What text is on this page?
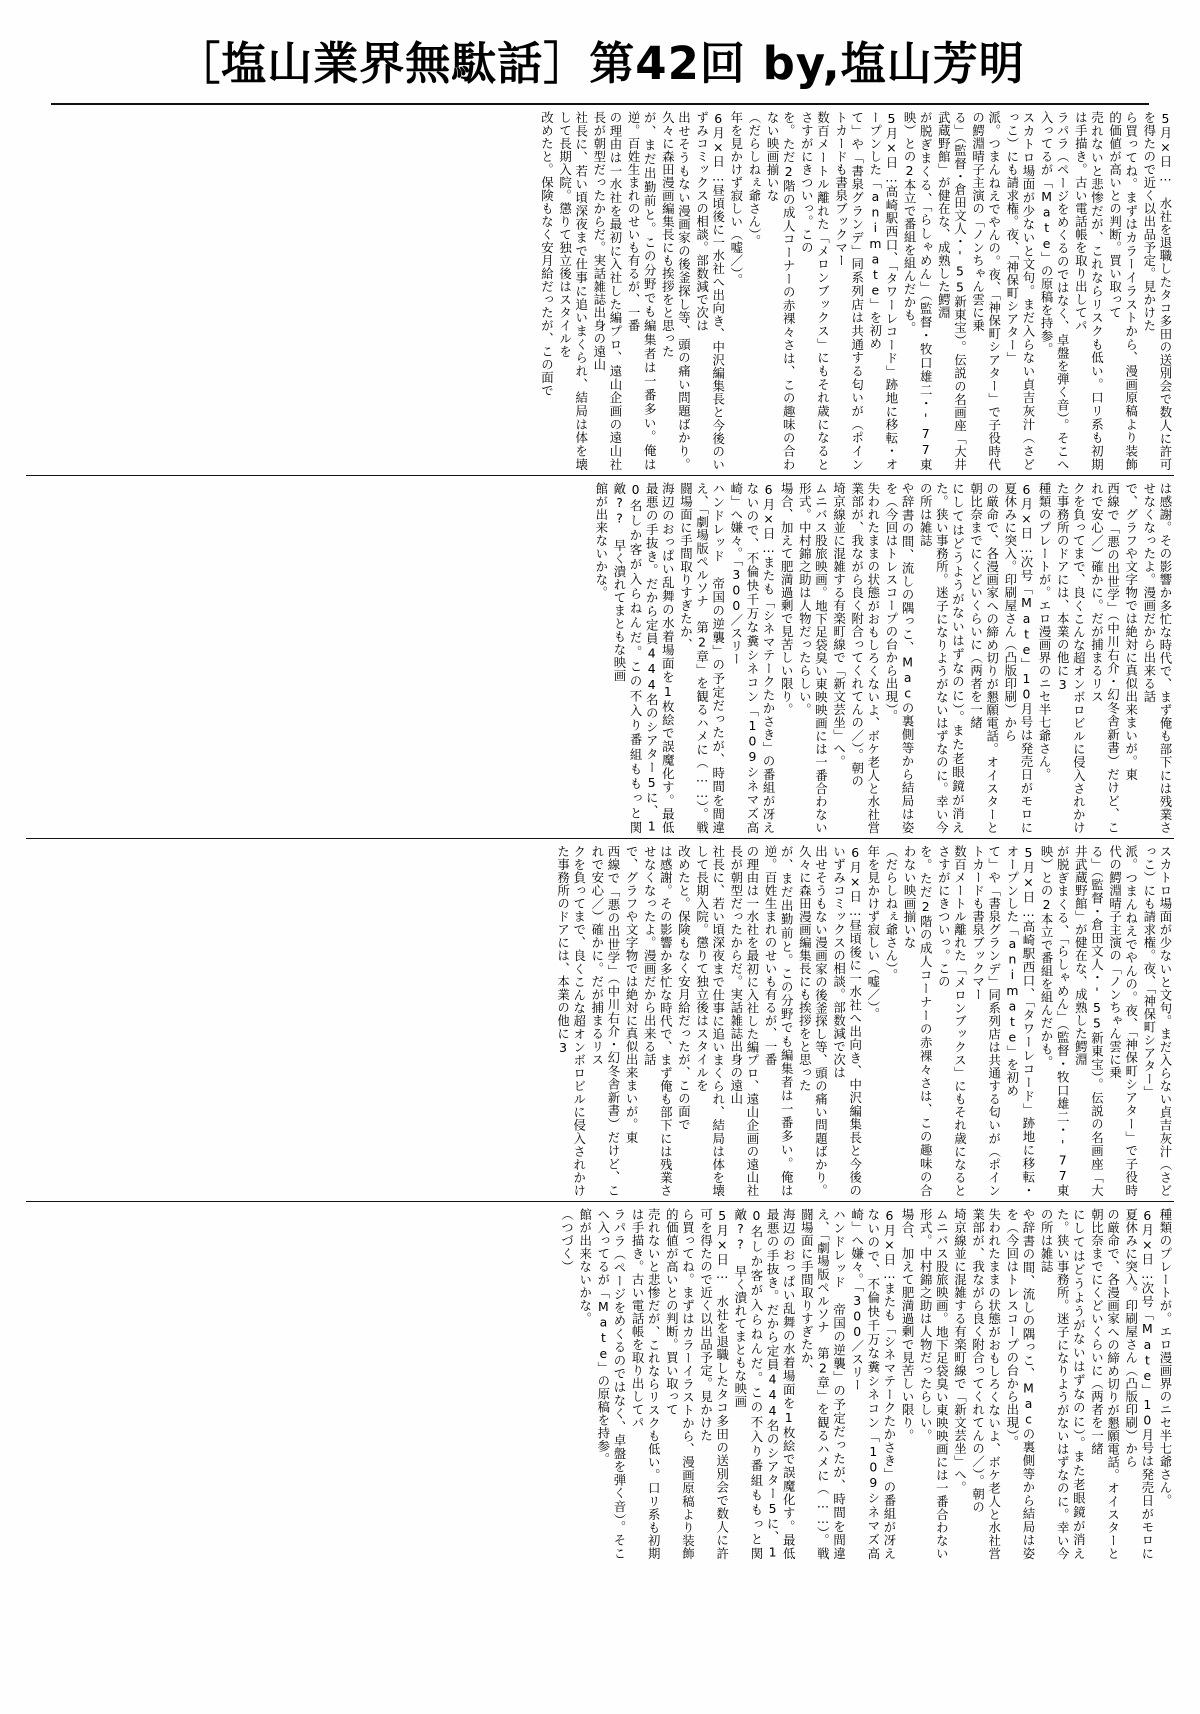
［塩山業界無駄話］第42回 by,塩山芳明
5月×日…　水社を退職したタコ多田の送別会で数人に許可を得たので近く以出品予定。見かけた
ら買ってね。まずはカラーイラストから、漫画原稿より装飾的価値が高いとの判断。買い取って
売れないと悲惨だが、これならリスクも低い。口リ系も初期は手描き。古い電話帳を取り出してパ
ラパラ（ページをめくるのではなく、卓盤を弾く音）。そこへ入ってるが「Mate」の原稿を持参。
スカトロ場面が少ないと文句。まだ入らない貞吉灰汁（さどっこ）にも請求権。夜、「神保町シアター」
派。つまんねえでやんの。夜、「神保町シアター」で子役時代の鰐淵晴子主演の「ノンちゃん雲に乗
る」（監督・倉田文人・'55新東宝）。伝説の名画座「大井武蔵野館」が健在な、成熟した鰐淵
が脱ぎまくる、「らしゃめん」（監督・牧口雄二・'77東映）との2本立で番組を組んだかも。
5月×日…高崎駅西口、「タワーレコード」跡地に移転・オープンした「animate」を初め
て」や「書泉グランデ」同系列店は共通する匂いが（ポイントカードも書泉ブックマー
数百メートル離れた「メロンブックス」にもそれ歳になるとさすがにきついっ。この
を。ただ2階の成人コーナーの赤裸々さは、この趣味の合わない映画揃いな
（だらしねぇ爺さん）。
年を見かけず寂しい（嘘／）。
6月×日…昼頃後に一水社へ出向き、中沢編集長と今後のいずみコミックスの相談。部数減で次は
出せそうもない漫画家の後釜探し等、頭の痛い問題ばかり。久々に森田漫画編集長にも挨拶をと思った
が、まだ出勤前と。この分野でも編集者は一番多い。俺は逆。百姓生まれのせいも有るが、一番
の理由は一水社を最初に入社した編プロ、遠山企画の遠山社長が朝型だったからだ。実話雑誌出身の遠山
社長に、若い頃深夜まで仕事に追いまくられ、結局は体を壊して長期入院。懲りて独立後はスタイルを
改めたと。保険もなく安月給だったが、この面で
は感謝。その影響か多忙な時代で、まず俺も部下には残業させなくなったよ。漫画だから出来る話
で、グラフや文字物では絶対に真似出来まいが。東
西線で「悪の出世学」（中川右介・幻冬舎新書）だけど、これで安心／）確かに。だが捕まるリス
クを負ってまで、良くこんな超オンボロビルに侵入されかけた事務所のドアには、本業の他に3
種類のプレートが。エロ漫画界のニセ半七爺さん。
6月×日…次号「Mate」10月号は発売日がモロに夏休みに突入。印刷屋さん（凸版印刷）から
の厳命で、各漫画家への締め切りが懇願電話。オイスターと朝比奈までにくどいくらいに（两者を一緒
にしてはどうようがないはずなのに）。また老眼鏡が消えた。狭い事務所。迷子になりようがないはずなのに。幸い今の所は雑誌
や辞書の間、流しの隅っこ、Macの裏側等から結局は姿を（今回はトレスコープの台から出現）。
失われたままの状態がおもしろくないよ、ボケ老人と水社営業部が、我ながら良く附合ってくれてんの／）。朝の
埼京線並に混雑する有楽町線で「新文芸坐」へ。
ムニバス股旅映画。地下足袋臭い東映映画には一番合わない形式。中村錦之助は人物だったらしい。
場合、加えて肥満過剰で見苦しい限り。
6月×日…またも「シネマテークたかさき」の番組が冴えないので、不倫快千万な糞シネコン「109シネマズ高崎」へ嫌々。「300／スリー
ハンドレッド　帝国の逆襲」の予定だったが、時間を間違え、「劇場版ペルソナ　第2章」を観るハメに（……）。戦闘場面に手間取りすぎたか、
海辺のおっぱい乱舞の水着場面を1枚絵で誤魔化す。最低最悪の手抜き。だから定員444名のシアター5に、10名しか客が入らねんだ。この不入り番組ももっと関敵??　早く潰れてまともな映画
館が出来ないかな。
スカトロ場面が少ないと文句。まだ入らない貞吉灰汁（さどっこ）にも請求権。夜、「神保町シアター」
派。つまんねえでやんの。夜、「神保町シアター」で子役時代の鰐淵晴子主演の「ノンちゃん雲に乗
る」（監督・倉田文人・'55新東宝）。伝説の名画座「大井武蔵野館」が健在な、成熟した鰐淵
が脱ぎまくる、「らしゃめん」（監督・牧口雄二・'77東映）との2本立で番組を組んだかも。
5月×日…高崎駅西口、「タワーレコード」跡地に移転・オープンした「animate」を初め
て」や「書泉グランデ」同系列店は共通する匂いが（ポイントカードも書泉ブックマー
数百メートル離れた「メロンブックス」にもそれ歳になるとさすがにきついっ。この
を。ただ2階の成人コーナーの赤裸々さは、この趣味の合わない映画揃いな
（だらしねぇ爺さん）。
年を見かけず寂しい（嘘／）。
6月×日…昼頃後に一水社へ出向き、中沢編集長と今後のいずみコミックスの相談。部数減で次は
出せそうもない漫画家の後釜探し等、頭の痛い問題ばかり。久々に森田漫画編集長にも挨拶をと思った
が、まだ出勤前と。この分野でも編集者は一番多い。俺は逆。百姓生まれのせいも有るが、一番
の理由は一水社を最初に入社した編プロ、遠山企画の遠山社長が朝型だったからだ。実話雑誌出身の遠山
社長に、若い頃深夜まで仕事に追いまくられ、結局は体を壊して長期入院。懲りて独立後はスタイルを
改めたと。保険もなく安月給だったが、この面で
は感謝。その影響か多忙な時代で、まず俺も部下には残業させなくなったよ。漫画だから出来る話
で、グラフや文字物では絶対に真似出来まいが。東
西線で「悪の出世学」（中川右介・幻冬舎新書）だけど、これで安心／）確かに。だが捕まるリス
クを負ってまで、良くこんな超オンボロビルに侵入されかけた事務所のドアには、本業の他に3
種類のプレートが。エロ漫画界のニセ半七爺さん。
6月×日…次号「Mate」10月号は発売日がモロに夏休みに突入。印刷屋さん（凸版印刷）から
の厳命で、各漫画家への締め切りが懇願電話。オイスターと朝比奈までにくどいくらいに（两者を一緒
にしてはどうようがないはずなのに）。また老眼鏡が消えた。狭い事務所。迷子になりようがないはずなのに。幸い今の所は雑誌
や辞書の間、流しの隅っこ、Macの裏側等から結局は姿を（今回はトレスコープの台から出現）。
失われたままの状態がおもしろくないよ、ボケ老人と水社営業部が、我ながら良く附合ってくれてんの／）。朝の
埼京線並に混雑する有楽町線で「新文芸坐」へ。
ムニバス股旅映画。地下足袋臭い東映映画には一番合わない形式。中村錦之助は人物だったらしい。
場合、加えて肥満過剰で見苦しい限り。
6月×日…またも「シネマテークたかさき」の番組が冴えないので、不倫快千万な糞シネコン「109シネマズ高崎」へ嫌々。「300／スリー
ハンドレッド　帝国の逆襲」の予定だったが、時間を間違え、「劇場版ペルソナ　第2章」を観るハメに（……）。戦闘場面に手間取りすぎたか、
海辺のおっぱい乱舞の水着場面を1枚絵で誤魔化す。最低最悪の手抜き。だから定員444名のシアター5に、10名しか客が入らねんだ。この不入り番組ももっと関敵??　早く潰れてまともな映画
5月×日…　水社を退職したタコ多田の送別会で数人に許可を得たので近く以出品予定。見かけた
ら買ってね。まずはカラーイラストから、漫画原稿より装飾的価値が高いとの判断。買い取って
売れないと悲惨だが、これならリスクも低い。口リ系も初期は手描き。古い電話帳を取り出してパ
ラパラ（ページをめくるのではなく、卓盤を弾く音）。そこへ入ってるが「Mate」の原稿を持参。
館が出来ないかな。
（つづく）
